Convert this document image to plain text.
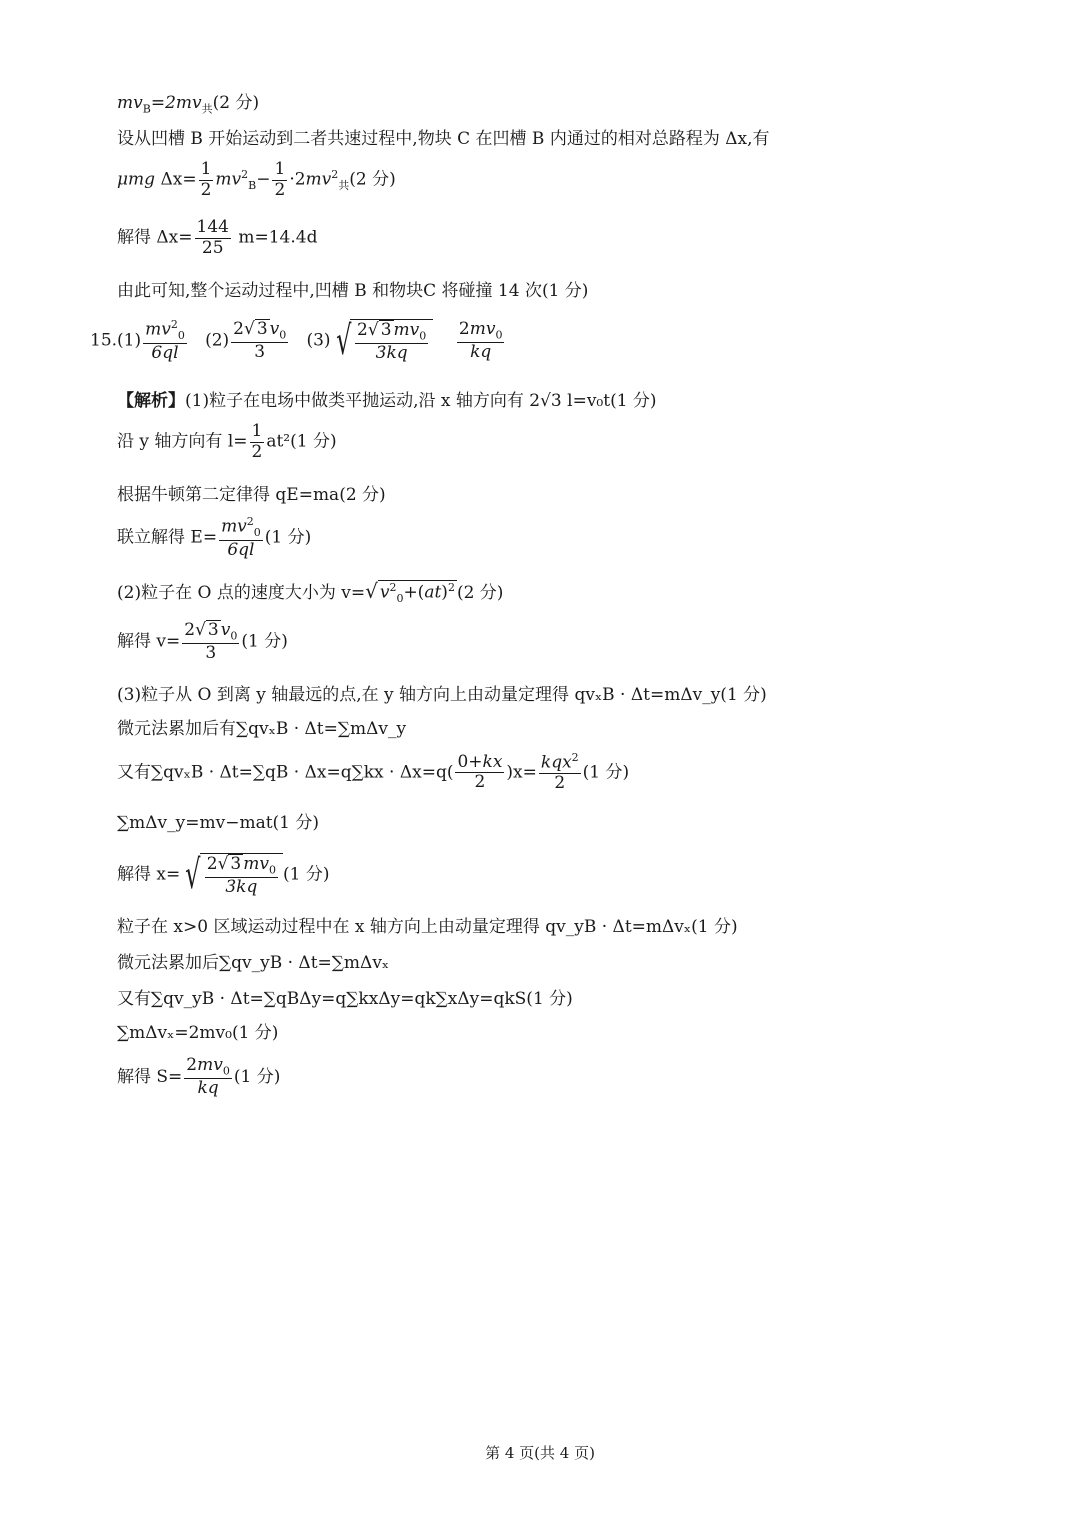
$mv_B=2mv_共(2$ 分)
设从凹槽 B 开始运动到二者共速过程中,物块 C 在凹槽 B 内通过的相对总路程为 Δx,有
μmg $\Delta x= \frac{1}{2} mv^2_B- \frac{1}{2} \cdot 2mv^2_共(2$ 分)
解得 $\Delta x= \frac{144}{25} m=14.4d$
由此可知,整个运动过程中,凹槽 B 和物块C 将碰撞 14 次(1 分)
$15.(1) \frac{mv^2_0}{6ql} (2) \frac{2√ 3 v_0}{3} (3)$ √ $\frac{2√ 3 mv_0}{3kq}$
$\frac{2mv_0}{kq}$
【解析】(1)粒子在电场中做类平抛运动,沿 x 轴方向有 2√3 l=v₀t(1 分)
沿 y 轴方向有 $l= \frac{1}{2} at^2(1$ 分)
根据牛顿第二定律得 qE=ma(2 分)
联立解得 $E= \frac{mv^2_0}{6ql} (1$ 分)
(2)粒子在 O 点的速度大小为 v=√ $v^2_0+(at)^2$ (2 分)
解得 $v= \frac{2√ 3 v_0}{3} (1$ 分)
(3)粒子从 O 到离 y 轴最远的点,在 y 轴方向上由动量定理得 qvₓB · Δt=mΔv_y(1 分)
微元法累加后有∑qvₓB · Δt=∑mΔv_y
又有$\sum qv_xB \cdot \Delta t=\sum qB \cdot \Delta x=q\sum kx \cdot \Delta x=q( \frac{0+kx}{2} )x= \frac{kqx^2}{2} (1$ 分)
∑mΔv_y=mv−mat(1 分)
解得 x= √ $\frac{2√ 3 mv_0}{3kq} (1$ 分)
粒子在 x>0 区域运动过程中在 x 轴方向上由动量定理得 qv_yB · Δt=mΔvₓ(1 分)
微元法累加后∑qv_yB · Δt=∑mΔvₓ
又有∑qv_yB · Δt=∑qBΔy=q∑kxΔy=qk∑xΔy=qkS(1 分)
∑mΔvₓ=2mv₀(1 分)
解得 $S= \frac{2mv_0}{kq} (1$ 分)
第 4 页(共 4 页)
